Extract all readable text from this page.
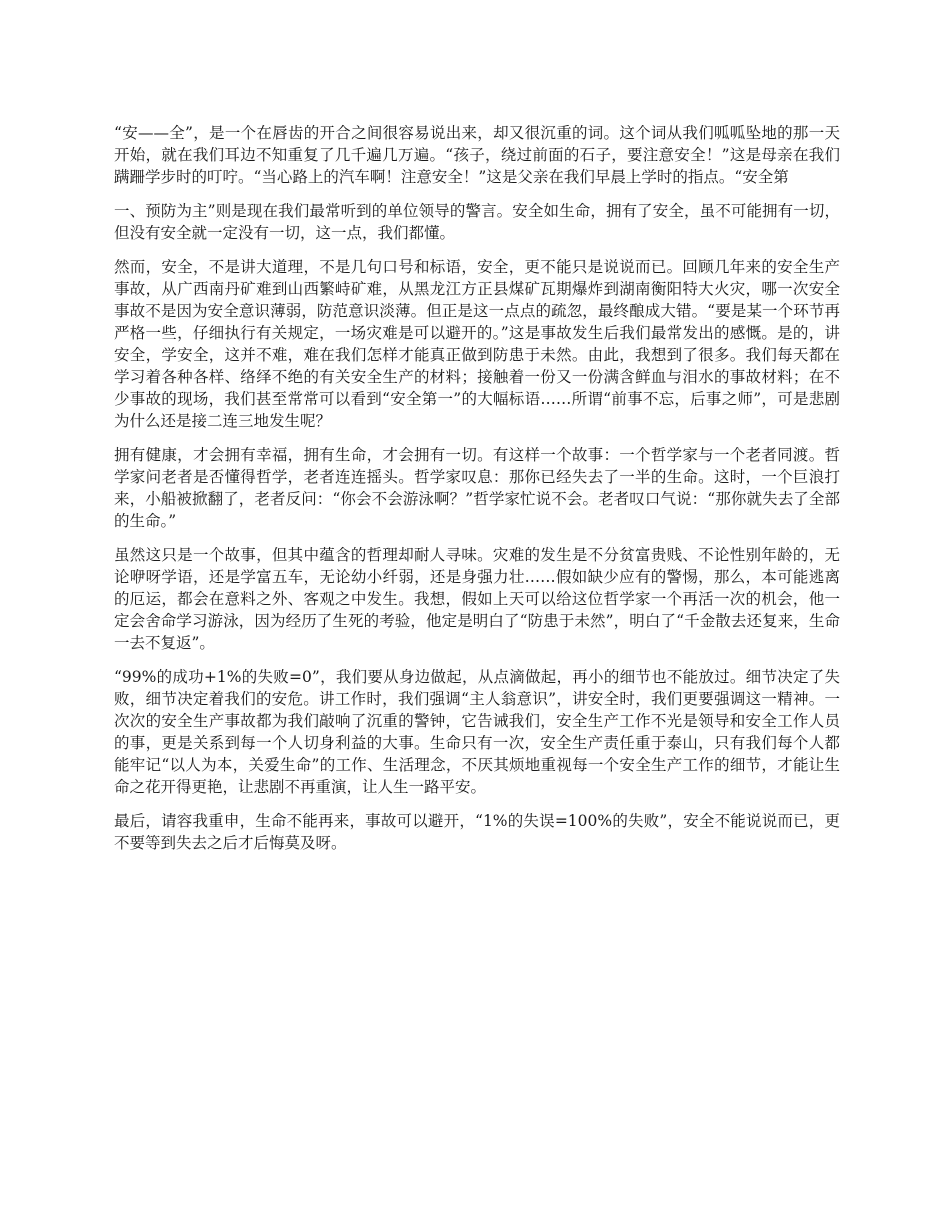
“安——全”，是一个在唇齿的开合之间很容易说出来，却又很沉重的词。这个词从我们呱呱坠地的那一天开始，就在我们耳边不知重复了几千遍几万遍。“孩子，绕过前面的石子，要注意安全！”这是母亲在我们蹒跚学步时的叮咛。“当心路上的汽车啊！注意安全！”这是父亲在我们早晨上学时的指点。“安全第

一、预防为主”则是现在我们最常听到的单位领导的警言。安全如生命，拥有了安全，虽不可能拥有一切，但没有安全就一定没有一切，这一点，我们都懂。

然而，安全，不是讲大道理，不是几句口号和标语，安全，更不能只是说说而已。回顾几年来的安全生产事故，从广西南丹矿难到山西繁峙矿难，从黑龙江方正县煤矿瓦期爆炸到湖南衡阳特大火灾，哪一次安全事故不是因为安全意识薄弱，防范意识淡薄。但正是这一点点的疏忽，最终酿成大错。“要是某一个环节再严格一些，仔细执行有关规定，一场灾难是可以避开的。”这是事故发生后我们最常发出的感慨。是的，讲安全，学安全，这并不难，难在我们怎样才能真正做到防患于未然。由此，我想到了很多。我们每天都在学习着各种各样、络绎不绝的有关安全生产的材料；接触着一份又一份满含鲜血与泪水的事故材料；在不少事故的现场，我们甚至常常可以看到“安全第一”的大幅标语……所谓“前事不忘，后事之师”，可是悲剧为什么还是接二连三地发生呢？

拥有健康，才会拥有幸福，拥有生命，才会拥有一切。有这样一个故事：一个哲学家与一个老者同渡。哲学家问老者是否懂得哲学，老者连连摇头。哲学家叹息：那你已经失去了一半的生命。这时，一个巨浪打来，小船被掀翻了，老者反问：“你会不会游泳啊？”哲学家忙说不会。老者叹口气说：“那你就失去了全部的生命。”

虽然这只是一个故事，但其中蕴含的哲理却耐人寻味。灾难的发生是不分贫富贵贱、不论性别年龄的，无论咿呀学语，还是学富五车，无论幼小纤弱，还是身强力壮……假如缺少应有的警惕，那么，本可能逃离的厄运，都会在意料之外、客观之中发生。我想，假如上天可以给这位哲学家一个再活一次的机会，他一定会舍命学习游泳，因为经历了生死的考验，他定是明白了“防患于未然”，明白了“千金散去还复来，生命一去不复返”。

“99%的成功+1%的失败=0”，我们要从身边做起，从点滴做起，再小的细节也不能放过。细节决定了失败，细节决定着我们的安危。讲工作时，我们强调“主人翁意识”，讲安全时，我们更要强调这一精神。一次次的安全生产事故都为我们敲响了沉重的警钟，它告诫我们，安全生产工作不光是领导和安全工作人员的事，更是关系到每一个人切身利益的大事。生命只有一次，安全生产责任重于泰山，只有我们每个人都能牢记“以人为本，关爱生命”的工作、生活理念，不厌其烦地重视每一个安全生产工作的细节，才能让生命之花开得更艳，让悲剧不再重演，让人生一路平安。

最后，请容我重申，生命不能再来，事故可以避开，“1%的失误=100%的失败”，安全不能说说而已，更不要等到失去之后才后悔莫及呀。
